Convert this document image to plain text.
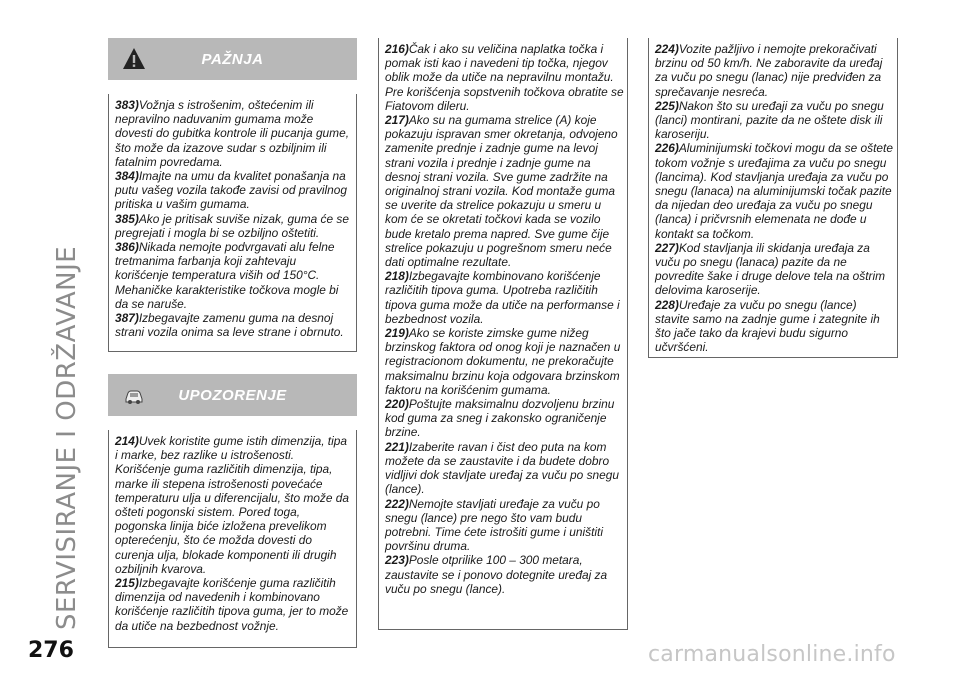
SERVISIRANJE I ODRŽAVANJE
276	carmanualsonline.info
PAŽNJA

383)Vožnja s istrošenim, oštećenim ili nepravilno naduvanim gumama može dovesti do gubitka kontrole ili pucanja gume, što može da izazove sudar s ozbiljnim ili fatalnim povredama.

384)Imajte na umu da kvalitet ponašanja na putu vašeg vozila takođe zavisi od pravilnog pritiska u vašim gumama.

385)Ako je pritisak suviše nizak, guma će se pregrejati i mogla bi se ozbiljno oštetiti.

386)Nikada nemojte podvrgavati alu felne tretmanima farbanja koji zahtevaju korišćenje temperatura viših od 150°C. Mehaničke karakteristike točkova mogle bi da se naruše.

387)Izbegavajte zamenu guma na desnoj strani vozila onima sa leve strane i obrnuto.

UPOZORENJE

214)Uvek koristite gume istih dimenzija, tipa i marke, bez razlike u istrošenosti. Korišćenje guma različitih dimenzija, tipa, marke ili stepena istrošenosti povećaće temperaturu ulja u diferencijalu, što može da ošteti pogonski sistem. Pored toga, pogonska linija biće izložena prevelikom opterećenju, što će možda dovesti do curenja ulja, blokade komponenti ili drugih ozbiljnih kvarova.

215)Izbegavajte korišćenje guma različitih dimenzija od navedenih i kombinovano korišćenje različitih tipova guma, jer to može da utiče na bezbednost vožnje.

216)Čak i ako su veličina naplatka točka i pomak isti kao i navedeni tip točka, njegov oblik može da utiče na nepravilnu montažu. Pre korišćenja sopstvenih točkova obratite se Fiatovom dileru.

217)Ako su na gumama strelice (A) koje pokazuju ispravan smer okretanja, odvojeno zamenite prednje i zadnje gume na levoj strani vozila i prednje i zadnje gume na desnoj strani vozila. Sve gume zadržite na originalnoj strani vozila. Kod montaže guma se uverite da strelice pokazuju u smeru u kom će se okretati točkovi kada se vozilo bude kretalo prema napred. Sve gume čije strelice pokazuju u pogrešnom smeru neće dati optimalne rezultate.

218)Izbegavajte kombinovano korišćenje različitih tipova guma. Upotreba različitih tipova guma može da utiče na performanse i bezbednost vozila.

219)Ako se koriste zimske gume nižeg brzinskog faktora od onog koji je naznačen u registracionom dokumentu, ne prekoračujte maksimalnu brzinu koja odgovara brzinskom faktoru na korišćenim gumama.

220)Poštujte maksimalnu dozvoljenu brzinu kod guma za sneg i zakonsko ograničenje brzine.

221)Izaberite ravan i čist deo puta na kom možete da se zaustavite i da budete dobro vidljivi dok stavljate uređaj za vuču po snegu (lance).

222)Nemojte stavljati uređaje za vuču po snegu (lance) pre nego što vam budu potrebni. Time ćete istrošiti gume i uništiti površinu druma.

223)Posle otprilike 100 – 300 metara, zaustavite se i ponovo dotegnite uređaj za vuču po snegu (lance).

224)Vozite pažljivo i nemojte prekoračivati brzinu od 50 km/h. Ne zaboravite da uređaj za vuču po snegu (lanac) nije predviđen za sprečavanje nesreća.

225)Nakon što su uređaji za vuču po snegu (lanci) montirani, pazite da ne oštete disk ili karoseriju.

226)Aluminijumski točkovi mogu da se oštete tokom vožnje s uređajima za vuču po snegu (lancima). Kod stavljanja uređaja za vuču po snegu (lanaca) na aluminijumski točak pazite da nijedan deo uređaja za vuču po snegu (lanca) i pričvrsnih elemenata ne dođe u kontakt sa točkom.

227)Kod stavljanja ili skidanja uređaja za vuču po snegu (lanaca) pazite da ne povredite šake i druge delove tela na oštrim delovima karoserije.

228)Uređaje za vuču po snegu (lance) stavite samo na zadnje gume i zategnite ih što jače tako da krajevi budu sigurno učvršćeni.
